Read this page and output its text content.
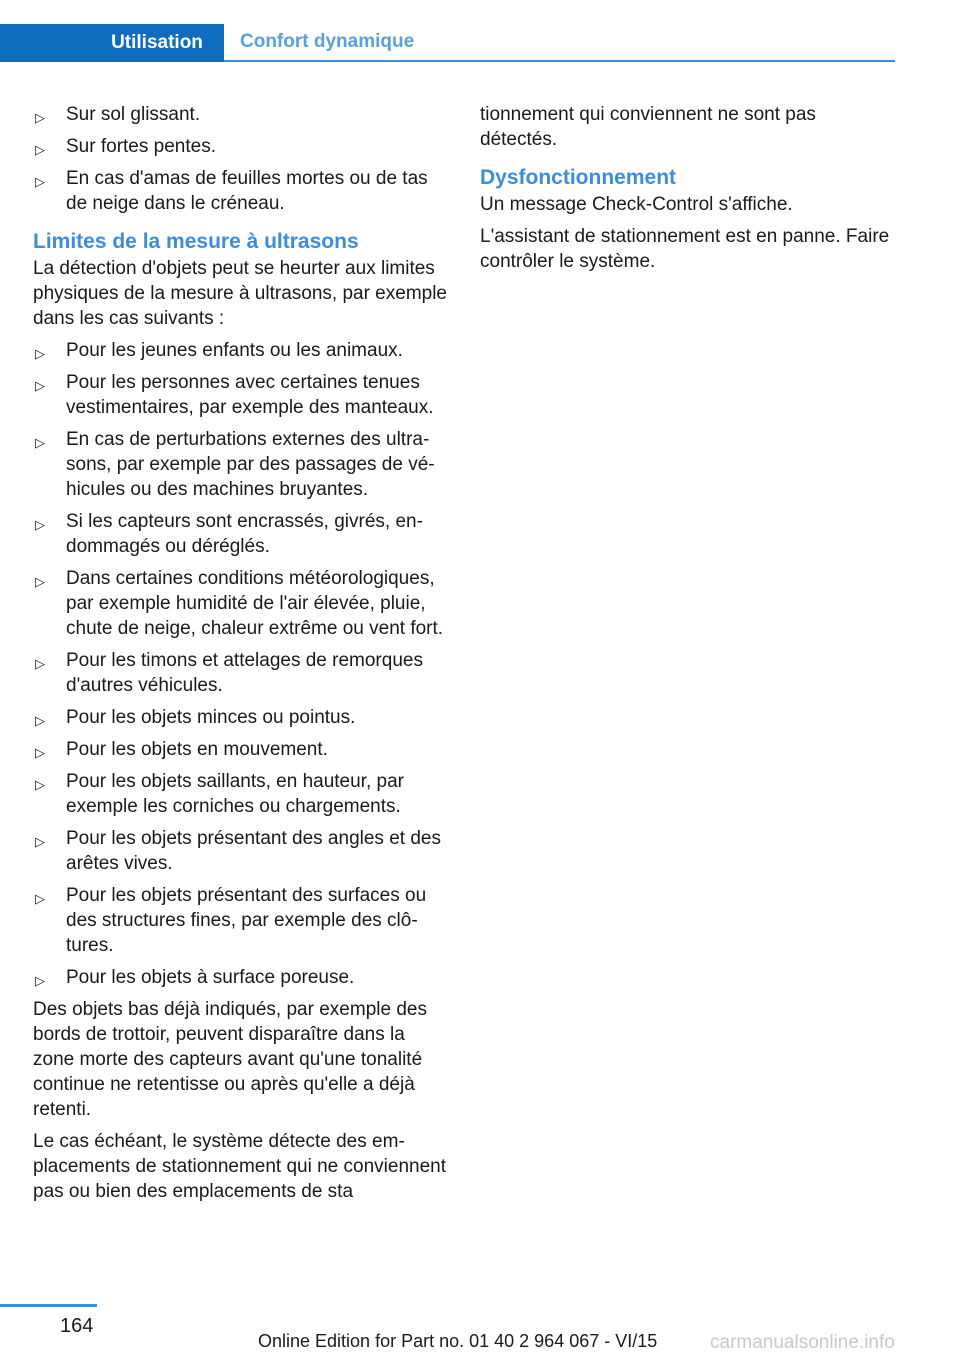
Utilisation	Confort dynamique
▷ Sur sol glissant.
▷ Sur fortes pentes.
▷ En cas d'amas de feuilles mortes ou de tas de neige dans le créneau.
Limites de la mesure à ultrasons

La détection d'objets peut se heurter aux limites physiques de la mesure à ultrasons, par exemple dans les cas suivants :

▷ Pour les jeunes enfants ou les animaux.
▷ Pour les personnes avec certaines tenues vestimentaires, par exemple des manteaux.
▷ En cas de perturbations externes des ultrasons, par exemple par des passages de véhicules ou des machines bruyantes.
▷ Si les capteurs sont encrassés, givrés, endommagés ou déréglés.
▷ Dans certaines conditions météorologiques, par exemple humidité de l'air élevée, pluie, chute de neige, chaleur extrême ou vent fort.
▷ Pour les timons et attelages de remorques d'autres véhicules.
▷ Pour les objets minces ou pointus.
▷ Pour les objets en mouvement.
▷ Pour les objets saillants, en hauteur, par exemple les corniches ou chargements.
▷ Pour les objets présentant des angles et des arêtes vives.
▷ Pour les objets présentant des surfaces ou des structures fines, par exemple des clôtures.
▷ Pour les objets à surface poreuse.

Des objets bas déjà indiqués, par exemple des bords de trottoir, peuvent disparaître dans la zone morte des capteurs avant qu'une tonalité continue ne retentisse ou après qu'elle a déjà retenti.

Le cas échéant, le système détecte des emplacements de stationnement qui ne conviennent pas ou bien des emplacements de sta

tionnement qui conviennent ne sont pas détectés.

Dysfonctionnement

Un message Check-Control s'affiche.

L'assistant de stationnement est en panne. Faire contrôler le système.

164
Online Edition for Part no. 01 40 2 964 067 - VI/15	carmanualsonline.info
